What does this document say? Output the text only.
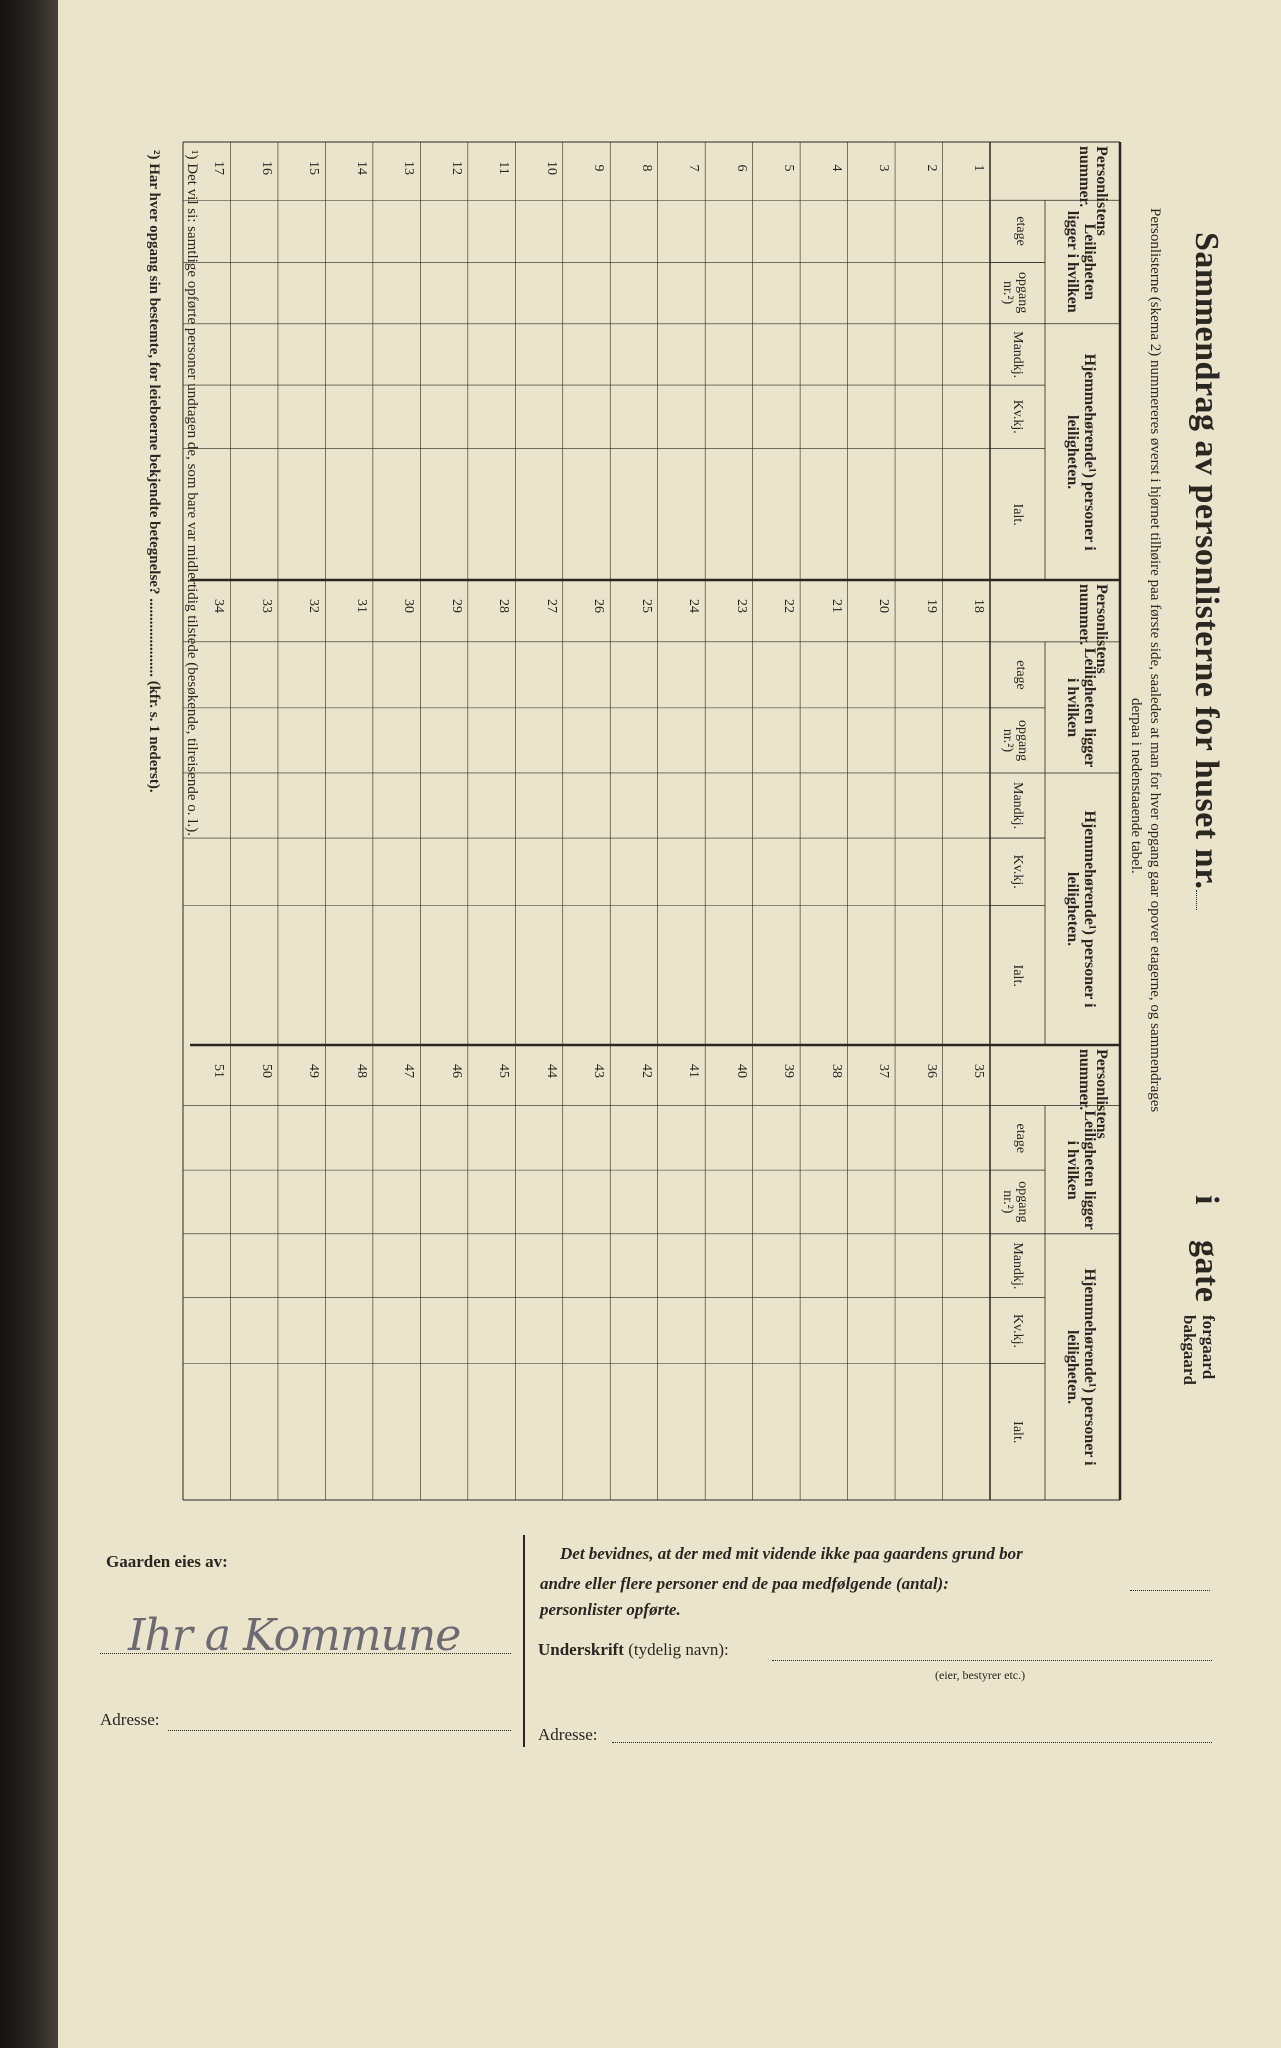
Sammendrag av personlisterne for huset nr.
i
gate
forgaard
bakgaard
Personlisterne (skema 2) nummereres øverst i hjørnet tilhøire paa første side, saaledes at man for hver opgang gaar opover etagerne, og sammendrages
derpaa i nedenstaaende tabel.
Personlistens nummer.
Leiligheten ligger i hvilken
Hjemmehørende¹) personer i leiligheten.
etage
opgang nr.²)
Mandkj.
Kv.kj.
Ialt.
Personlistens nummer.
Leiligheten ligger i hvilken
Hjemmehørende¹) personer i leiligheten.
etage
opgang nr.²)
Mandkj.
Kv.kj.
Ialt.
Personlistens nummer.
Leiligheten ligger i hvilken
Hjemmehørende¹) personer i leiligheten.
etage
opgang nr.²)
Mandkj.
Kv.kj.
Ialt.
1
2
3
4
5
6
7
8
9
10
11
12
13
14
15
16
17
18
19
20
21
22
23
24
25
26
27
28
29
30
31
32
33
34
35
36
37
38
39
40
41
42
43
44
45
46
47
48
49
50
51
¹) Det vil si: samtlige opførte personer undtagen de, som bare var midlertidig tilstede (besøkende, tilreisende o. l.).
²) Har hver opgang sin bestemte, for leieboerne bekjendte betegnelse? ..................... (kfr. s. 1 nederst).
Gaarden eies av:
Ihr a Kommune
Adresse:
Det bevidnes, at der med mit vidende ikke paa gaardens grund bor
andre eller flere personer end de paa medfølgende (antal):
personlister opførte.
Underskrift (tydelig navn):
(eier, bestyrer etc.)
Adresse:
